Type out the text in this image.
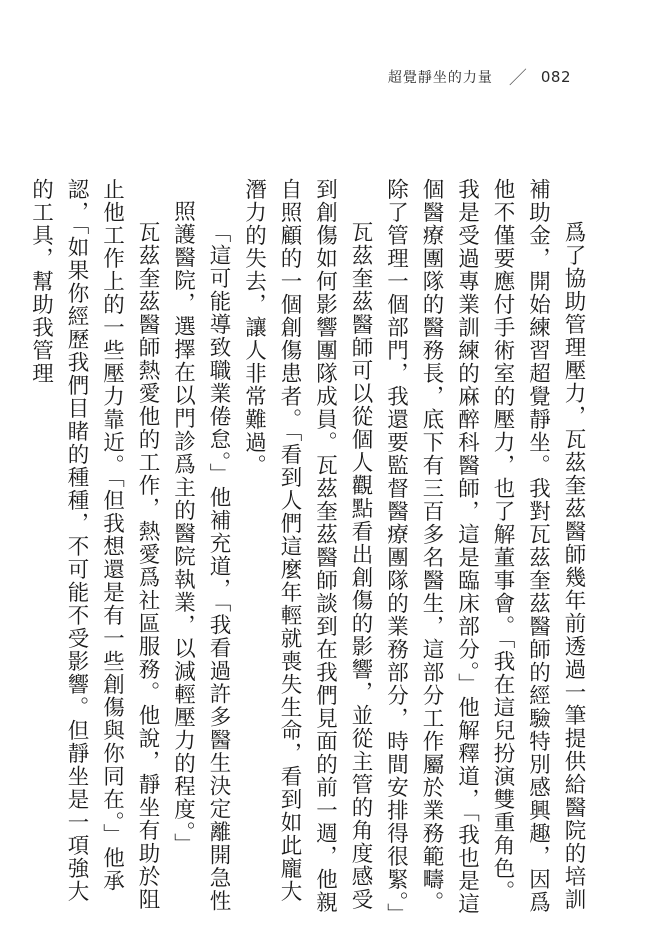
超覺靜坐的力量 ／ 082

爲了協助管理壓力，瓦茲奎茲醫師幾年前透過一筆提供給醫院的培訓補助金，開始練習超覺靜坐。我對瓦茲奎茲醫師的經驗特別感興趣，因爲他不僅要應付手術室的壓力，也了解董事會。「我在這兒扮演雙重角色。我是受過專業訓練的麻醉科醫師，這是臨床部分。」他解釋道，「我也是這個醫療團隊的醫務長，底下有三百多名醫生，這部分工作屬於業務範疇。除了管理一個部門，我還要監督醫療團隊的業務部分，時間安排得很緊。」

瓦茲奎茲醫師可以從個人觀點看出創傷的影響，並從主管的角度感受到創傷如何影響團隊成員。瓦茲奎茲醫師談到在我們見面的前一週，他親自照顧的一個創傷患者。「看到人們這麼年輕就喪失生命，看到如此龐大潛力的失去，讓人非常難過。

「這可能導致職業倦怠。」他補充道，「我看過許多醫生決定離開急性照護醫院，選擇在以門診爲主的醫院執業，以減輕壓力的程度。」

瓦茲奎茲醫師熱愛他的工作，熱愛爲社區服務。他說，靜坐有助於阻止他工作上的一些壓力靠近。「但我想還是有一些創傷與你同在。」他承認，「如果你經歷我們目睹的種種，不可能不受影響。但靜坐是一項強大的工具，幫助我管理
